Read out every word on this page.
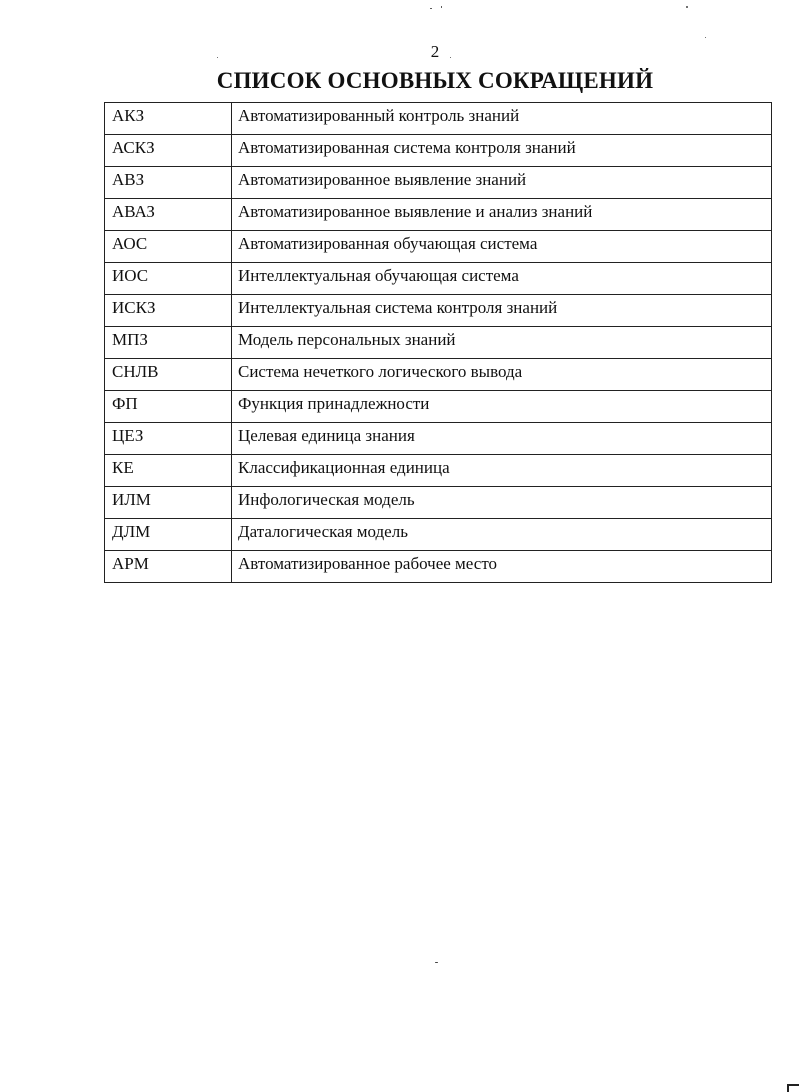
2
СПИСОК ОСНОВНЫХ СОКРАЩЕНИЙ
АКЗ	Автоматизированный контроль знаний
АСКЗ	Автоматизированная система контроля знаний
АВЗ	Автоматизированное выявление знаний
АВАЗ	Автоматизированное выявление и анализ знаний
АОС	Автоматизированная обучающая система
ИОС	Интеллектуальная обучающая система
ИСКЗ	Интеллектуальная система контроля знаний
МПЗ	Модель персональных знаний
СНЛВ	Система нечеткого логического вывода
ФП	Функция принадлежности
ЦЕЗ	Целевая единица знания
КЕ	Классификационная единица
ИЛМ	Инфологическая модель
ДЛМ	Даталогическая модель
АРМ	Автоматизированное рабочее место
